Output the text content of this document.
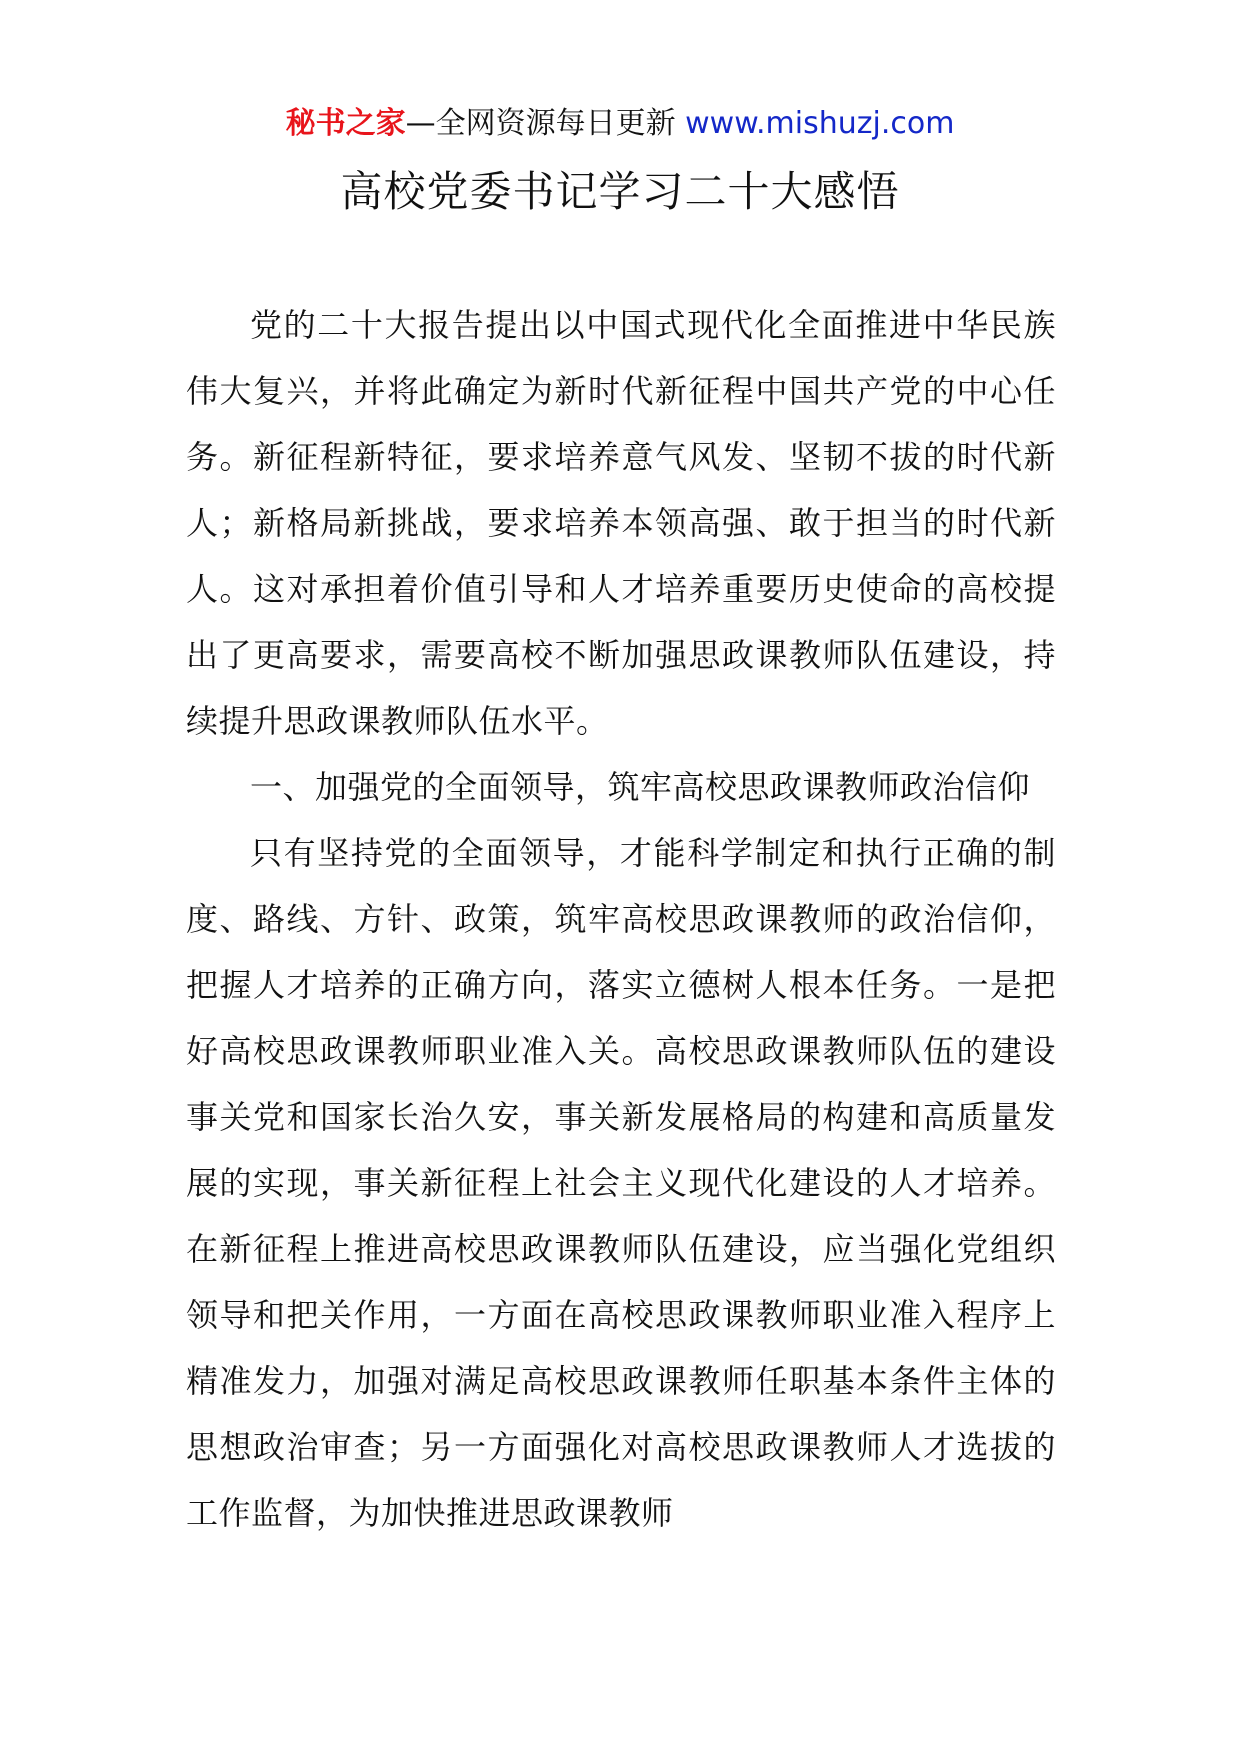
秘书之家—全网资源每日更新 www.mishuzj.com
高校党委书记学习二十大感悟

党的二十大报告提出以中国式现代化全面推进中华民族伟大复兴，并将此确定为新时代新征程中国共产党的中心任务。新征程新特征，要求培养意气风发、坚韧不拔的时代新人；新格局新挑战，要求培养本领高强、敢于担当的时代新人。这对承担着价值引导和人才培养重要历史使命的高校提出了更高要求，需要高校不断加强思政课教师队伍建设，持续提升思政课教师队伍水平。

一、加强党的全面领导，筑牢高校思政课教师政治信仰

只有坚持党的全面领导，才能科学制定和执行正确的制度、路线、方针、政策，筑牢高校思政课教师的政治信仰，把握人才培养的正确方向，落实立德树人根本任务。一是把好高校思政课教师职业准入关。高校思政课教师队伍的建设事关党和国家长治久安，事关新发展格局的构建和高质量发展的实现，事关新征程上社会主义现代化建设的人才培养。在新征程上推进高校思政课教师队伍建设，应当强化党组织领导和把关作用，一方面在高校思政课教师职业准入程序上精准发力，加强对满足高校思政课教师任职基本条件主体的思想政治审查；另一方面强化对高校思政课教师人才选拔的工作监督，为加快推进思政课教师
